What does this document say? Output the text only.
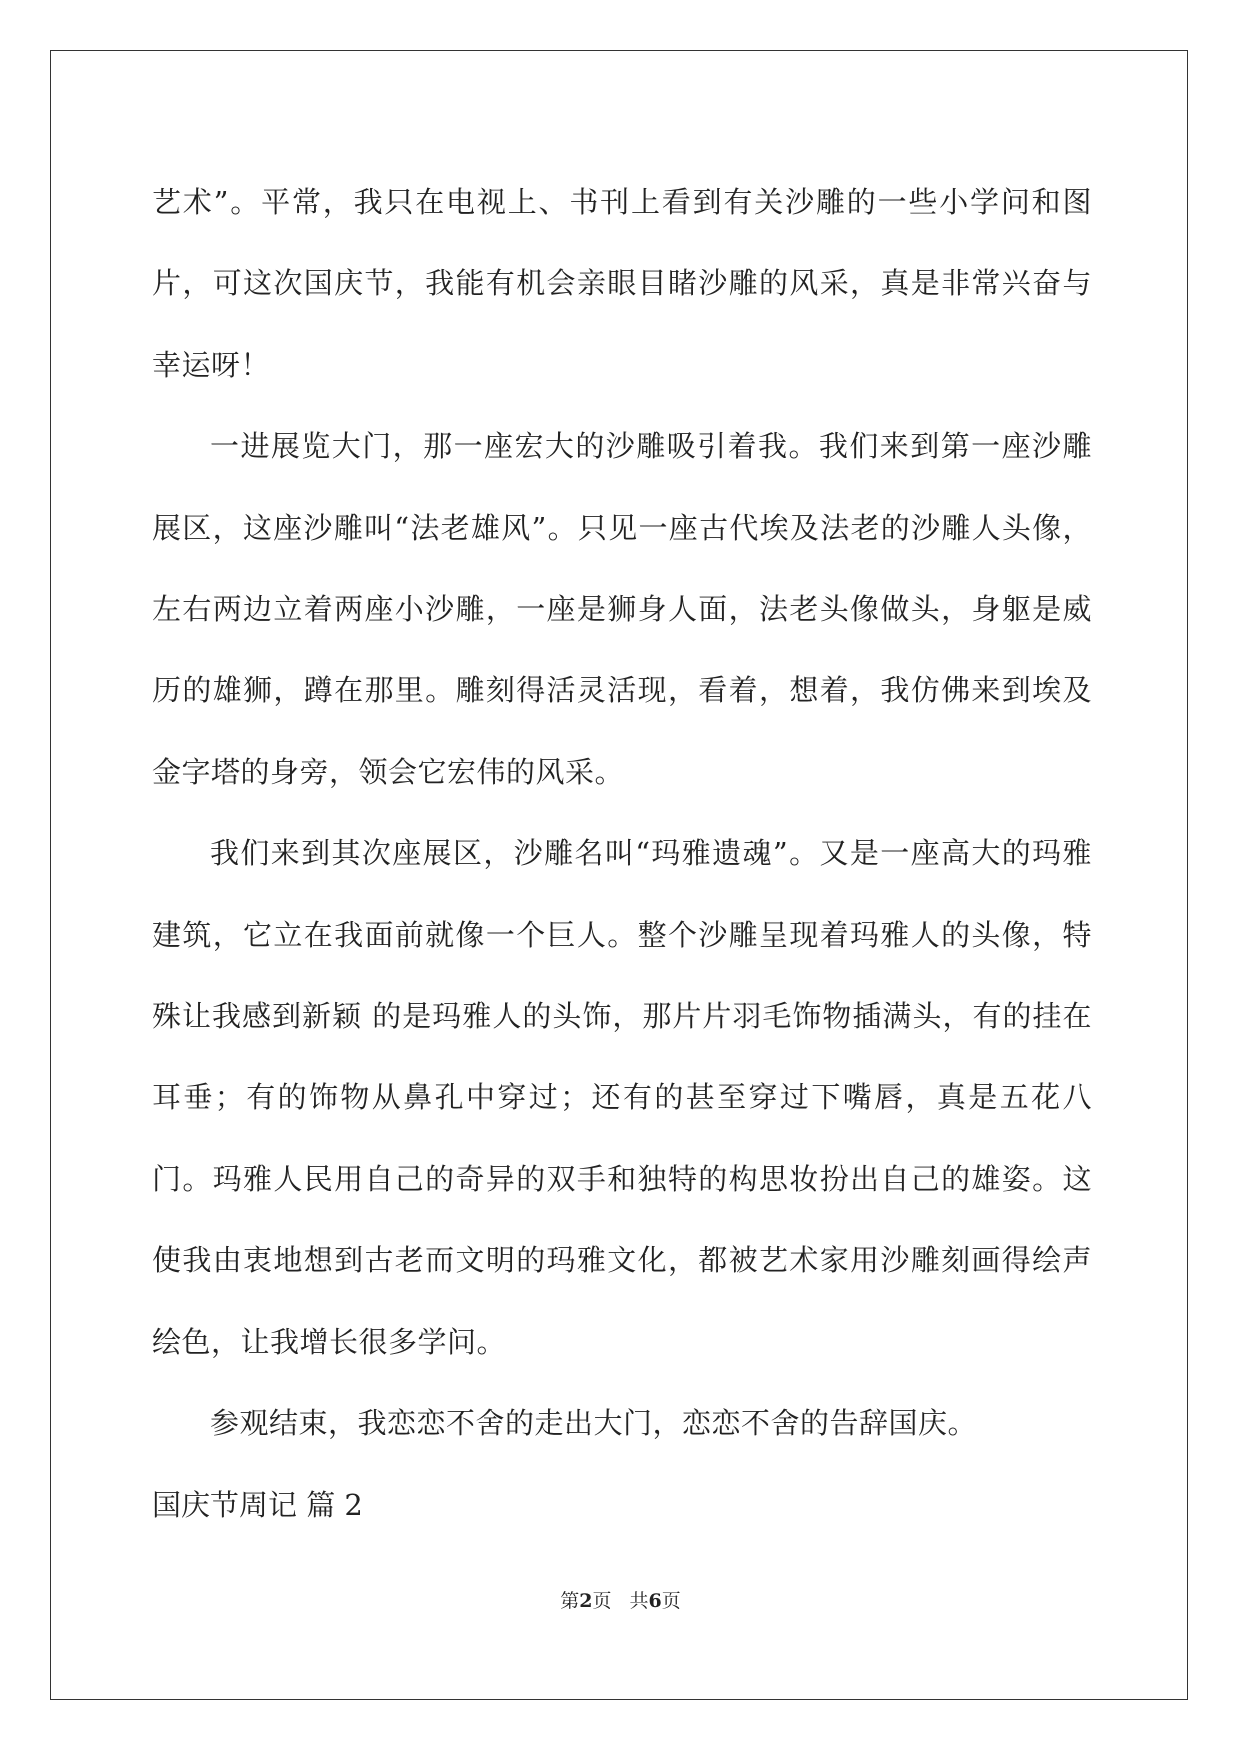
艺术”。平常，我只在电视上、书刊上看到有关沙雕的一些小学问和图片，可这次国庆节，我能有机会亲眼目睹沙雕的风采，真是非常兴奋与幸运呀！

一进展览大门，那一座宏大的沙雕吸引着我。我们来到第一座沙雕展区，这座沙雕叫“法老雄风”。只见一座古代埃及法老的沙雕人头像，左右两边立着两座小沙雕，一座是狮身人面，法老头像做头，身躯是威历的雄狮，蹲在那里。雕刻得活灵活现，看着，想着，我仿佛来到埃及金字塔的身旁，领会它宏伟的风采。

我们来到其次座展区，沙雕名叫“玛雅遗魂”。又是一座高大的玛雅建筑，它立在我面前就像一个巨人。整个沙雕呈现着玛雅人的头像，特殊让我感到新颖 的是玛雅人的头饰，那片片羽毛饰物插满头，有的挂在耳垂；有的饰物从鼻孔中穿过；还有的甚至穿过下嘴唇，真是五花八门。玛雅人民用自己的奇异的双手和独特的构思妆扮出自己的雄姿。这使我由衷地想到古老而文明的玛雅文化，都被艺术家用沙雕刻画得绘声绘色，让我增长很多学问。

参观结束，我恋恋不舍的走出大门，恋恋不舍的告辞国庆。

国庆节周记 篇 2

第2页 共6页
